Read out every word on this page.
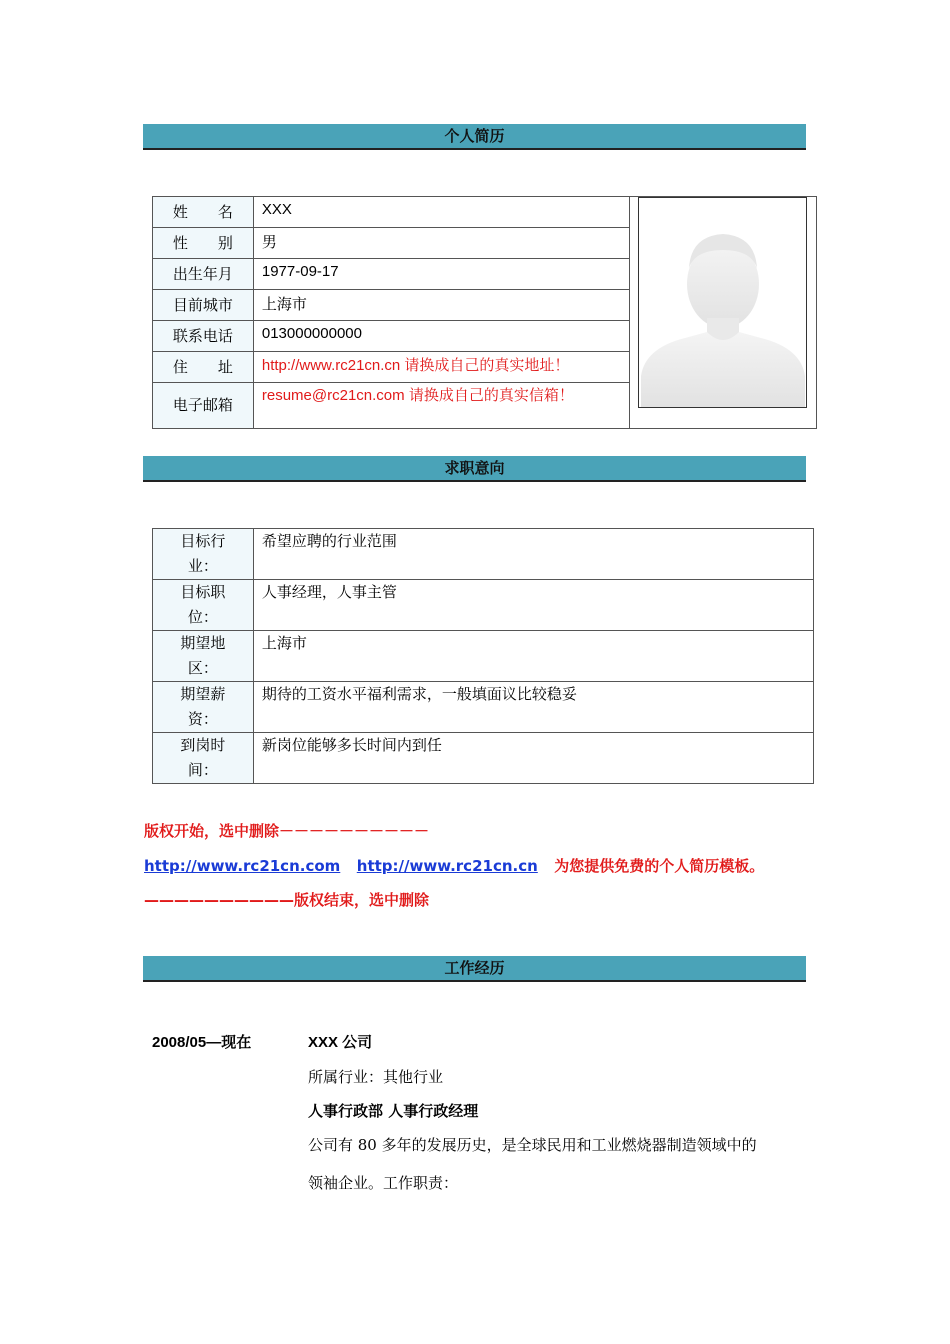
个人简历
姓　　名	XXX	

性　　别	男	
出生年月	1977-09-17	
目前城市	上海市	
联系电话	013000000000	
住　　址	http://www.rc21cn.cn 请换成自己的真实地址！	
电子邮箱	resume@rc21cn.com 请换成自己的真实信箱！	
求职意向
目标行
业：	希望应聘的行业范围
目标职
位：	人事经理，人事主管
期望地
区：	上海市
期望薪
资：	期待的工资水平福利需求，一般填面议比较稳妥
到岗时
间：	新岗位能够多长时间内到任
版权开始，选中删除－－－－－－－－－－
http://www.rc21cn.com http://www.rc21cn.cn 为您提供免费的个人简历模板。
——————————版权结束，选中删除
工作经历
2008/05—现在	XXX 公司
所属行业：其他行业
人事行政部 人事行政经理
公司有 80 多年的发展历史，是全球民用和工业燃烧器制造领域中的
领袖企业。工作职责：
